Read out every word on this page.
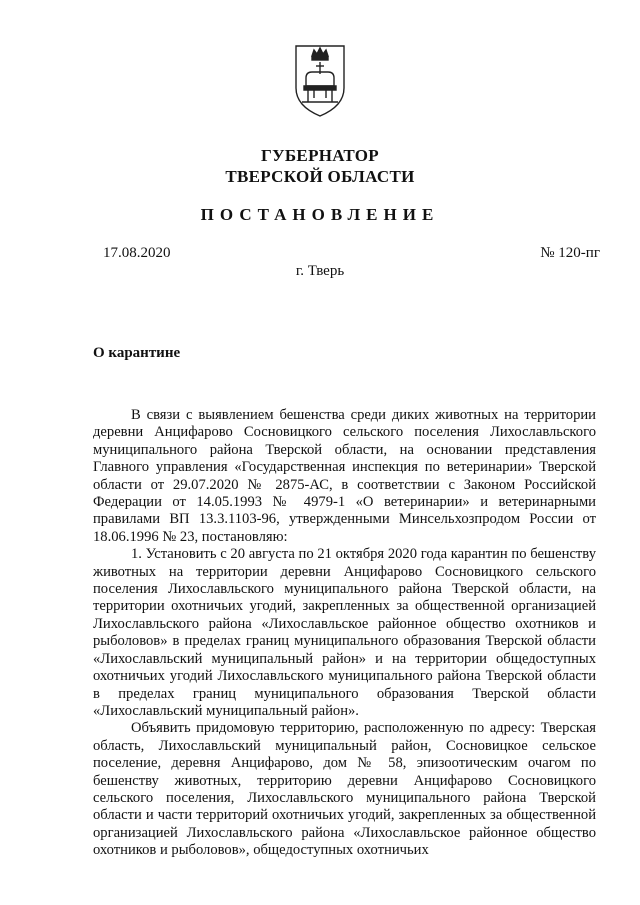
ГУБЕРНАТОР
ТВЕРСКОЙ ОБЛАСТИ
ПОСТАНОВЛЕНИЕ
17.08.2020	№ 120-пг
г. Тверь
О карантине

В связи с выявлением бешенства среди диких животных на территории деревни Анцифарово Сосновицкого сельского поселения Лихославльского муниципального района Тверской области, на основании представления Главного управления «Государственная инспекция по ветеринарии» Тверской области от 29.07.2020 № 2875-АС, в соответствии с Законом Российской Федерации от 14.05.1993 № 4979-1 «О ветеринарии» и ветеринарными правилами ВП 13.3.1103-96, утвержденными Минсельхозпродом России от 18.06.1996 № 23, постановляю:

1. Установить с 20 августа по 21 октября 2020 года карантин по бешенству животных на территории деревни Анцифарово Сосновицкого сельского поселения Лихославльского муниципального района Тверской области, на территории охотничьих угодий, закрепленных за общественной организацией Лихославльского района «Лихославльское районное общество охотников и рыболовов» в пределах границ муниципального образования Тверской области «Лихославльский муниципальный район» и на территории общедоступных охотничьих угодий Лихославльского муниципального района Тверской области в пределах границ муниципального образования Тверской области «Лихославльский муниципальный район».

Объявить придомовую территорию, расположенную по адресу: Тверская область, Лихославльский муниципальный район, Сосновицкое сельское поселение, деревня Анцифарово, дом № 58, эпизоотическим очагом по бешенству животных, территорию деревни Анцифарово Сосновицкого сельского поселения, Лихославльского муниципального района Тверской области и части территорий охотничьих угодий, закрепленных за общественной организацией Лихославльского района «Лихославльское районное общество охотников и рыболовов», общедоступных охотничьих
